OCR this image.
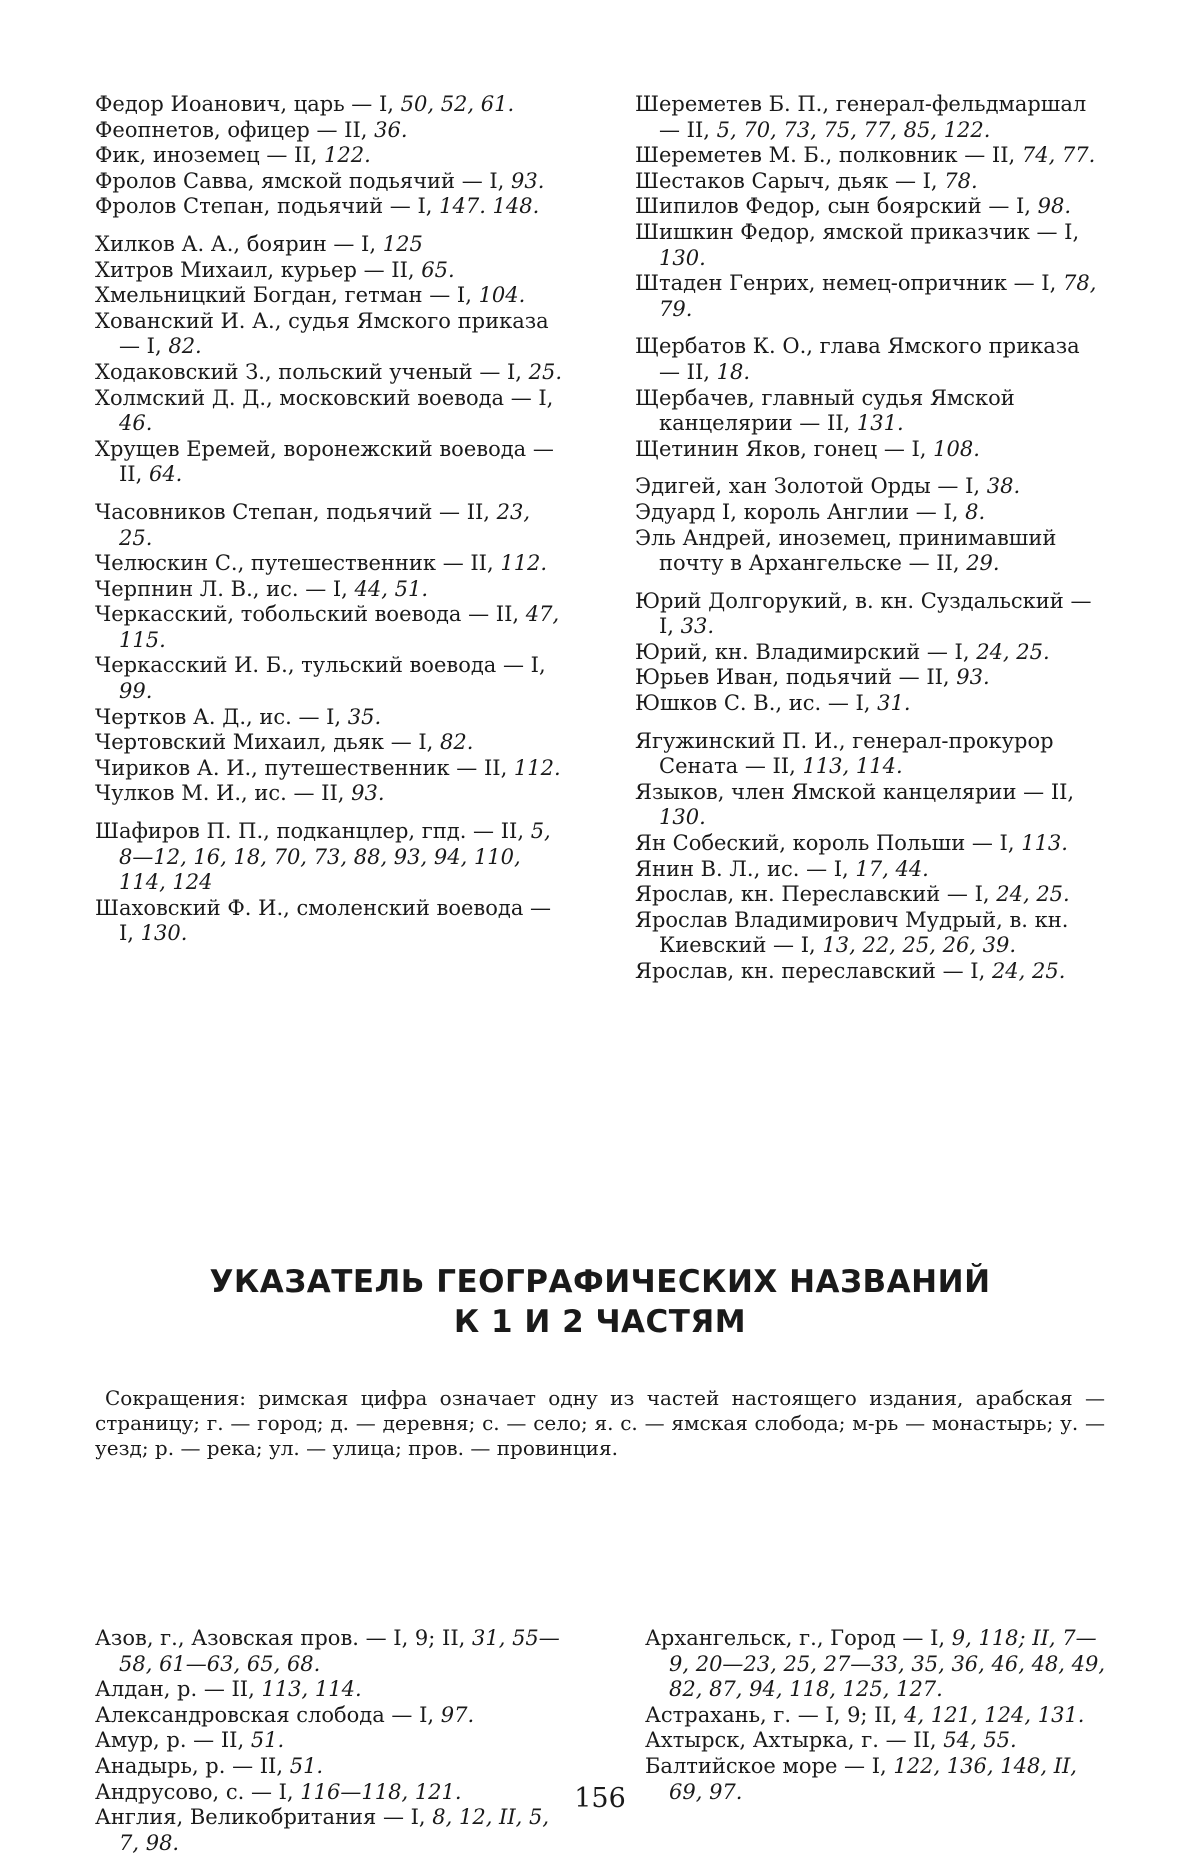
Федор Иоанович, царь — I, 50, 52, 61.

Феопнетов, офицер — II, 36.

Фик, иноземец — II, 122.

Фролов Савва, ямской подьячий — I, 93.

Фролов Степан, подьячий — I, 147. 148.

Хилков А. А., боярин — I, 125

Хитров Михаил, курьер — II, 65.

Хмельницкий Богдан, гетман — I, 104.

Хованский И. А., судья Ямского приказа — I, 82.

Ходаковский З., польский ученый — I, 25.

Холмский Д. Д., московский воевода — I, 46.

Хрущев Еремей, воронежский воевода — II, 64.

Часовников Степан, подьячий — II, 23, 25.

Челюскин С., путешественник — II, 112.

Черпнин Л. В., ис. — I, 44, 51.

Черкасский, тобольский воевода — II, 47, 115.

Черкасский И. Б., тульский воевода — I, 99.

Чертков А. Д., ис. — I, 35.

Чертовский Михаил, дьяк — I, 82.

Чириков А. И., путешественник — II, 112.

Чулков М. И., ис. — II, 93.

Шафиров П. П., подканцлер, гпд. — II, 5, 8—12, 16, 18, 70, 73, 88, 93, 94, 110, 114, 124

Шаховский Ф. И., смоленский воевода — I, 130.

Шереметев Б. П., генерал-фельдмаршал — II, 5, 70, 73, 75, 77, 85, 122.

Шереметев М. Б., полковник — II, 74, 77.

Шестаков Сарыч, дьяк — I, 78.

Шипилов Федор, сын боярский — I, 98.

Шишкин Федор, ямской приказчик — I, 130.

Штаден Генрих, немец-опричник — I, 78, 79.

Щербатов К. О., глава Ямского приказа — II, 18.

Щербачев, главный судья Ямской канцелярии — II, 131.

Щетинин Яков, гонец — I, 108.

Эдигей, хан Золотой Орды — I, 38.

Эдуард I, король Англии — I, 8.

Эль Андрей, иноземец, принимавший почту в Архангельске — II, 29.

Юрий Долгорукий, в. кн. Суздальский — I, 33.

Юрий, кн. Владимирский — I, 24, 25.

Юрьев Иван, подьячий — II, 93.

Юшков С. В., ис. — I, 31.

Ягужинский П. И., генерал-прокурор Сената — II, 113, 114.

Языков, член Ямской канцелярии — II, 130.

Ян Собеский, король Польши — I, 113.

Янин В. Л., ис. — I, 17, 44.

Ярослав, кн. Переславский — I, 24, 25.

Ярослав Владимирович Мудрый, в. кн. Киевский — I, 13, 22, 25, 26, 39.

Ярослав, кн. переславский — I, 24, 25.

УКАЗАТЕЛЬ ГЕОГРАФИЧЕСКИХ НАЗВАНИЙ
К 1 И 2 ЧАСТЯМ

Сокращения: римская цифра означает одну из частей настоящего издания, арабская — страницу; г. — город; д. — деревня; с. — село; я. с. — ямская слобода; м-рь — монастырь; у. — уезд; р. — река; ул. — улица; пров. — провинция.

Азов, г., Азовская пров. — I, 9; II, 31, 55—58, 61—63, 65, 68.

Алдан, р. — II, 113, 114.

Александровская слобода — I, 97.

Амур, р. — II, 51.

Анадырь, р. — II, 51.

Андрусово, с. — I, 116—118, 121.

Англия, Великобритания — I, 8, 12, II, 5, 7, 98.

Архангельск, г., Город — I, 9, 118; II, 7—9, 20—23, 25, 27—33, 35, 36, 46, 48, 49, 82, 87, 94, 118, 125, 127.

Астрахань, г. — I, 9; II, 4, 121, 124, 131.

Ахтырск, Ахтырка, г. — II, 54, 55.

Балтийское море — I, 122, 136, 148, II, 69, 97.

156
